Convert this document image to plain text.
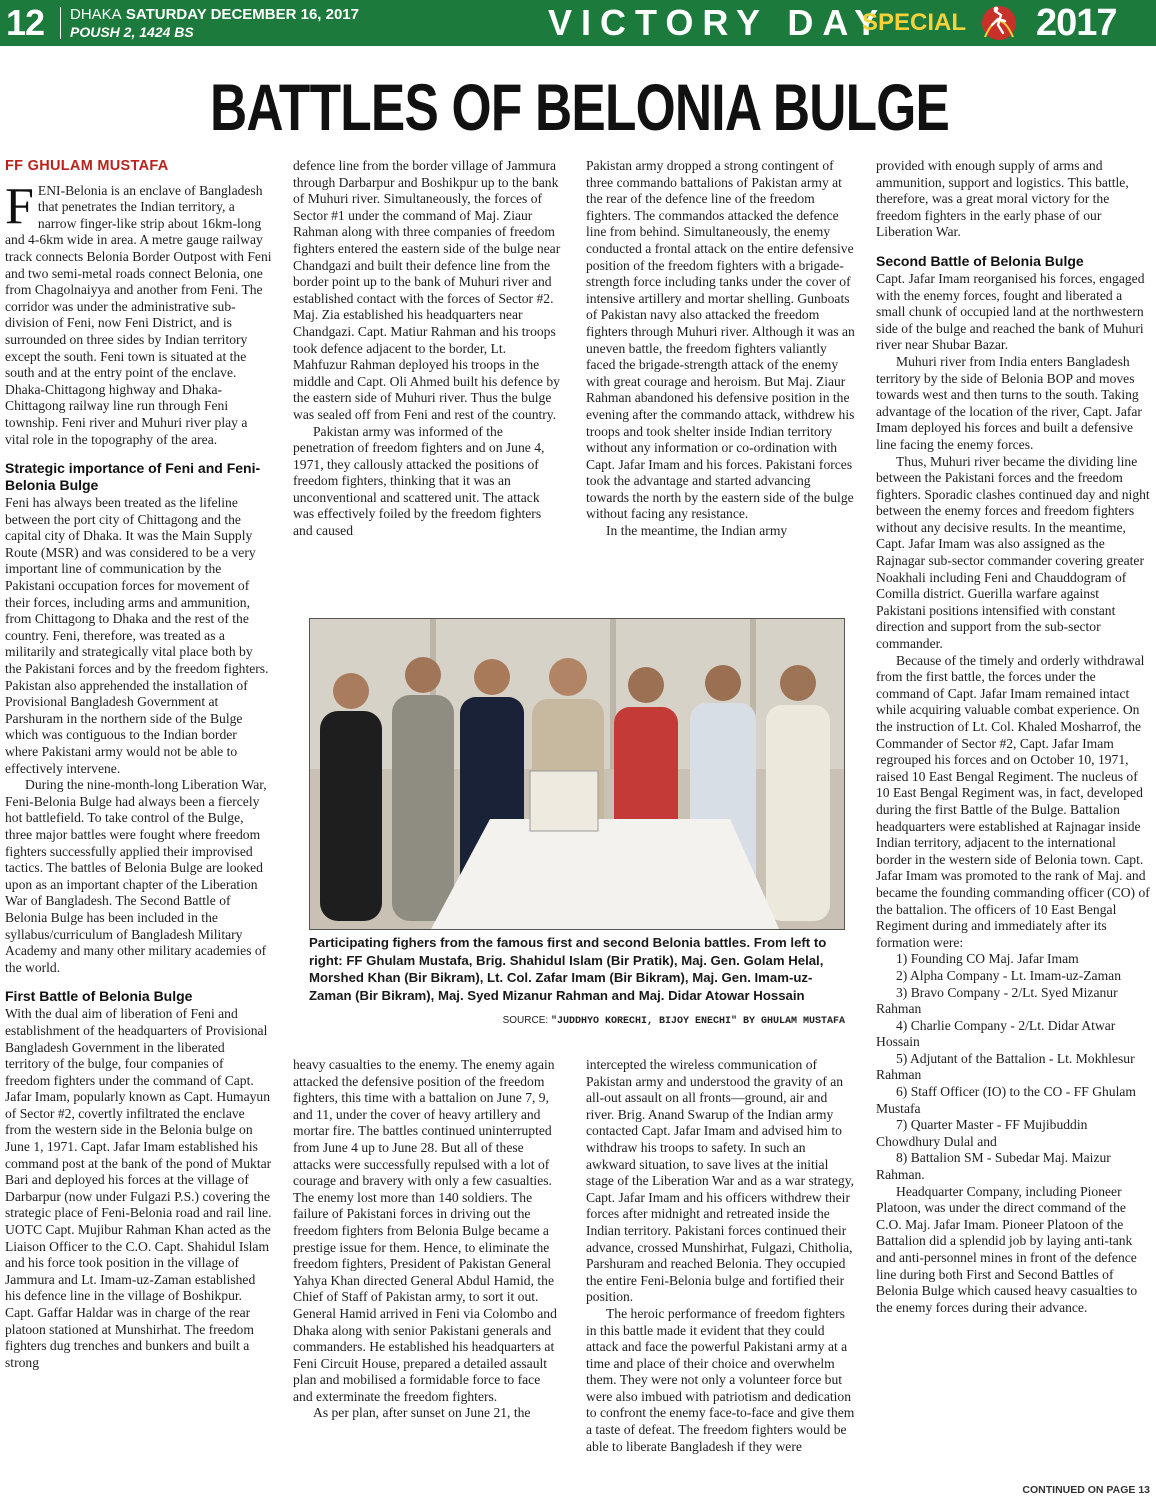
12 DHAKA SATURDAY DECEMBER 16, 2017
POUSH 2, 1424 BS	VICTORY DAY
SPECIAL 2017
BATTLES OF BELONIA BULGE
FF GHULAM MUSTAFA

FENI-Belonia is an enclave of Bangladesh that penetrates the Indian territory, a narrow finger-like strip about 16km-long and 4-6km wide in area. A metre gauge railway track connects Belonia Border Outpost with Feni and two semi-metal roads connect Belonia, one from Chagolnaiyya and another from Feni. The corridor was under the administrative sub-division of Feni, now Feni District, and is surrounded on three sides by Indian territory except the south. Feni town is situated at the south and at the entry point of the enclave. Dhaka-Chittagong highway and Dhaka-Chittagong railway line run through Feni township. Feni river and Muhuri river play a vital role in the topography of the area.

Strategic importance of Feni and Feni-Belonia Bulge

Feni has always been treated as the lifeline between the port city of Chittagong and the capital city of Dhaka. It was the Main Supply Route (MSR) and was considered to be a very important line of communication by the Pakistani occupation forces for movement of their forces, including arms and ammunition, from Chittagong to Dhaka and the rest of the country. Feni, therefore, was treated as a militarily and strategically vital place both by the Pakistani forces and by the freedom fighters. Pakistan also apprehended the installation of Provisional Bangladesh Government at Parshuram in the northern side of the Bulge which was contiguous to the Indian border where Pakistani army would not be able to effectively intervene.

During the nine-month-long Liberation War, Feni-Belonia Bulge had always been a fiercely hot battlefield. To take control of the Bulge, three major battles were fought where freedom fighters successfully applied their improvised tactics. The battles of Belonia Bulge are looked upon as an important chapter of the Liberation War of Bangladesh. The Second Battle of Belonia Bulge has been included in the syllabus/curriculum of Bangladesh Military Academy and many other military academies of the world.

First Battle of Belonia Bulge

With the dual aim of liberation of Feni and establishment of the headquarters of Provisional Bangladesh Government in the liberated territory of the bulge, four companies of freedom fighters under the command of Capt. Jafar Imam, popularly known as Capt. Humayun of Sector #2, covertly infiltrated the enclave from the western side in the Belonia bulge on June 1, 1971. Capt. Jafar Imam established his command post at the bank of the pond of Muktar Bari and deployed his forces at the village of Darbarpur (now under Fulgazi P.S.) covering the strategic place of Feni-Belonia road and rail line. UOTC Capt. Mujibur Rahman Khan acted as the Liaison Officer to the C.O. Capt. Shahidul Islam and his force took position in the village of Jammura and Lt. Imam-uz-Zaman established his defence line in the village of Boshikpur. Capt. Gaffar Haldar was in charge of the rear platoon stationed at Munshirhat. The freedom fighters dug trenches and bunkers and built a strong

defence line from the border village of Jammura through Darbarpur and Boshikpur up to the bank of Muhuri river. Simultaneously, the forces of Sector #1 under the command of Maj. Ziaur Rahman along with three companies of freedom fighters entered the eastern side of the bulge near Chandgazi and built their defence line from the border point up to the bank of Muhuri river and established contact with the forces of Sector #2. Maj. Zia established his headquarters near Chandgazi. Capt. Matiur Rahman and his troops took defence adjacent to the border, Lt. Mahfuzur Rahman deployed his troops in the middle and Capt. Oli Ahmed built his defence by the eastern side of Muhuri river. Thus the bulge was sealed off from Feni and rest of the country.

Pakistan army was informed of the penetration of freedom fighters and on June 4, 1971, they callously attacked the positions of freedom fighters, thinking that it was an unconventional and scattered unit. The attack was effectively foiled by the freedom fighters and caused

Pakistan army dropped a strong contingent of three commando battalions of Pakistan army at the rear of the defence line of the freedom fighters. The commandos attacked the defence line from behind. Simultaneously, the enemy conducted a frontal attack on the entire defensive position of the freedom fighters with a brigade-strength force including tanks under the cover of intensive artillery and mortar shelling. Gunboats of Pakistan navy also attacked the freedom fighters through Muhuri river. Although it was an uneven battle, the freedom fighters valiantly faced the brigade-strength attack of the enemy with great courage and heroism. But Maj. Ziaur Rahman abandoned his defensive position in the evening after the commando attack, withdrew his troops and took shelter inside Indian territory without any information or co-ordination with Capt. Jafar Imam and his forces. Pakistani forces took the advantage and started advancing towards the north by the eastern side of the bulge without facing any resistance.

In the meantime, the Indian army

Participating fighers from the famous first and second Belonia battles. From left to right: FF Ghulam Mustafa, Brig. Shahidul Islam (Bir Pratik), Maj. Gen. Golam Helal, Morshed Khan (Bir Bikram), Lt. Col. Zafar Imam (Bir Bikram), Maj. Gen. Imam-uz-Zaman (Bir Bikram), Maj. Syed Mizanur Rahman and Maj. Didar Atowar Hossain
SOURCE: "JUDDHYO KORECHI, BIJOY ENECHI" BY GHULAM MUSTAFA

heavy casualties to the enemy. The enemy again attacked the defensive position of the freedom fighters, this time with a battalion on June 7, 9, and 11, under the cover of heavy artillery and mortar fire. The battles continued uninterrupted from June 4 up to June 28. But all of these attacks were successfully repulsed with a lot of courage and bravery with only a few casualties. The enemy lost more than 140 soldiers. The failure of Pakistani forces in driving out the freedom fighters from Belonia Bulge became a prestige issue for them. Hence, to eliminate the freedom fighters, President of Pakistan General Yahya Khan directed General Abdul Hamid, the Chief of Staff of Pakistan army, to sort it out. General Hamid arrived in Feni via Colombo and Dhaka along with senior Pakistani generals and commanders. He established his headquarters at Feni Circuit House, prepared a detailed assault plan and mobilised a formidable force to face and exterminate the freedom fighters.

As per plan, after sunset on June 21, the

intercepted the wireless communication of Pakistan army and understood the gravity of an all-out assault on all fronts—ground, air and river. Brig. Anand Swarup of the Indian army contacted Capt. Jafar Imam and advised him to withdraw his troops to safety. In such an awkward situation, to save lives at the initial stage of the Liberation War and as a war strategy, Capt. Jafar Imam and his officers withdrew their forces after midnight and retreated inside the Indian territory. Pakistani forces continued their advance, crossed Munshirhat, Fulgazi, Chitholia, Parshuram and reached Belonia. They occupied the entire Feni-Belonia bulge and fortified their position.

The heroic performance of freedom fighters in this battle made it evident that they could attack and face the powerful Pakistani army at a time and place of their choice and overwhelm them. They were not only a volunteer force but were also imbued with patriotism and dedication to confront the enemy face-to-face and give them a taste of defeat. The freedom fighters would be able to liberate Bangladesh if they were

provided with enough supply of arms and ammunition, support and logistics. This battle, therefore, was a great moral victory for the freedom fighters in the early phase of our Liberation War.

Second Battle of Belonia Bulge

Capt. Jafar Imam reorganised his forces, engaged with the enemy forces, fought and liberated a small chunk of occupied land at the northwestern side of the bulge and reached the bank of Muhuri river near Shubar Bazar.

Muhuri river from India enters Bangladesh territory by the side of Belonia BOP and moves towards west and then turns to the south. Taking advantage of the location of the river, Capt. Jafar Imam deployed his forces and built a defensive line facing the enemy forces.

Thus, Muhuri river became the dividing line between the Pakistani forces and the freedom fighters. Sporadic clashes continued day and night between the enemy forces and freedom fighters without any decisive results. In the meantime, Capt. Jafar Imam was also assigned as the Rajnagar sub-sector commander covering greater Noakhali including Feni and Chauddogram of Comilla district. Guerilla warfare against Pakistani positions intensified with constant direction and support from the sub-sector commander.

Because of the timely and orderly withdrawal from the first battle, the forces under the command of Capt. Jafar Imam remained intact while acquiring valuable combat experience. On the instruction of Lt. Col. Khaled Mosharrof, the Commander of Sector #2, Capt. Jafar Imam regrouped his forces and on October 10, 1971, raised 10 East Bengal Regiment. The nucleus of 10 East Bengal Regiment was, in fact, developed during the first Battle of the Bulge. Battalion headquarters were established at Rajnagar inside Indian territory, adjacent to the international border in the western side of Belonia town. Capt. Jafar Imam was promoted to the rank of Maj. and became the founding commanding officer (CO) of the battalion. The officers of 10 East Bengal Regiment during and immediately after its formation were:

1) Founding CO Maj. Jafar Imam

2) Alpha Company - Lt. Imam-uz-Zaman

3) Bravo Company - 2/Lt. Syed Mizanur Rahman

4) Charlie Company - 2/Lt. Didar Atwar Hossain

5) Adjutant of the Battalion - Lt. Mokhlesur Rahman

6) Staff Officer (IO) to the CO - FF Ghulam Mustafa

7) Quarter Master - FF Mujibuddin Chowdhury Dulal and

8) Battalion SM - Subedar Maj. Maizur Rahman.

Headquarter Company, including Pioneer Platoon, was under the direct command of the C.O. Maj. Jafar Imam. Pioneer Platoon of the Battalion did a splendid job by laying anti-tank and anti-personnel mines in front of the defence line during both First and Second Battles of Belonia Bulge which caused heavy casualties to the enemy forces during their advance.

CONTINUED ON PAGE 13
